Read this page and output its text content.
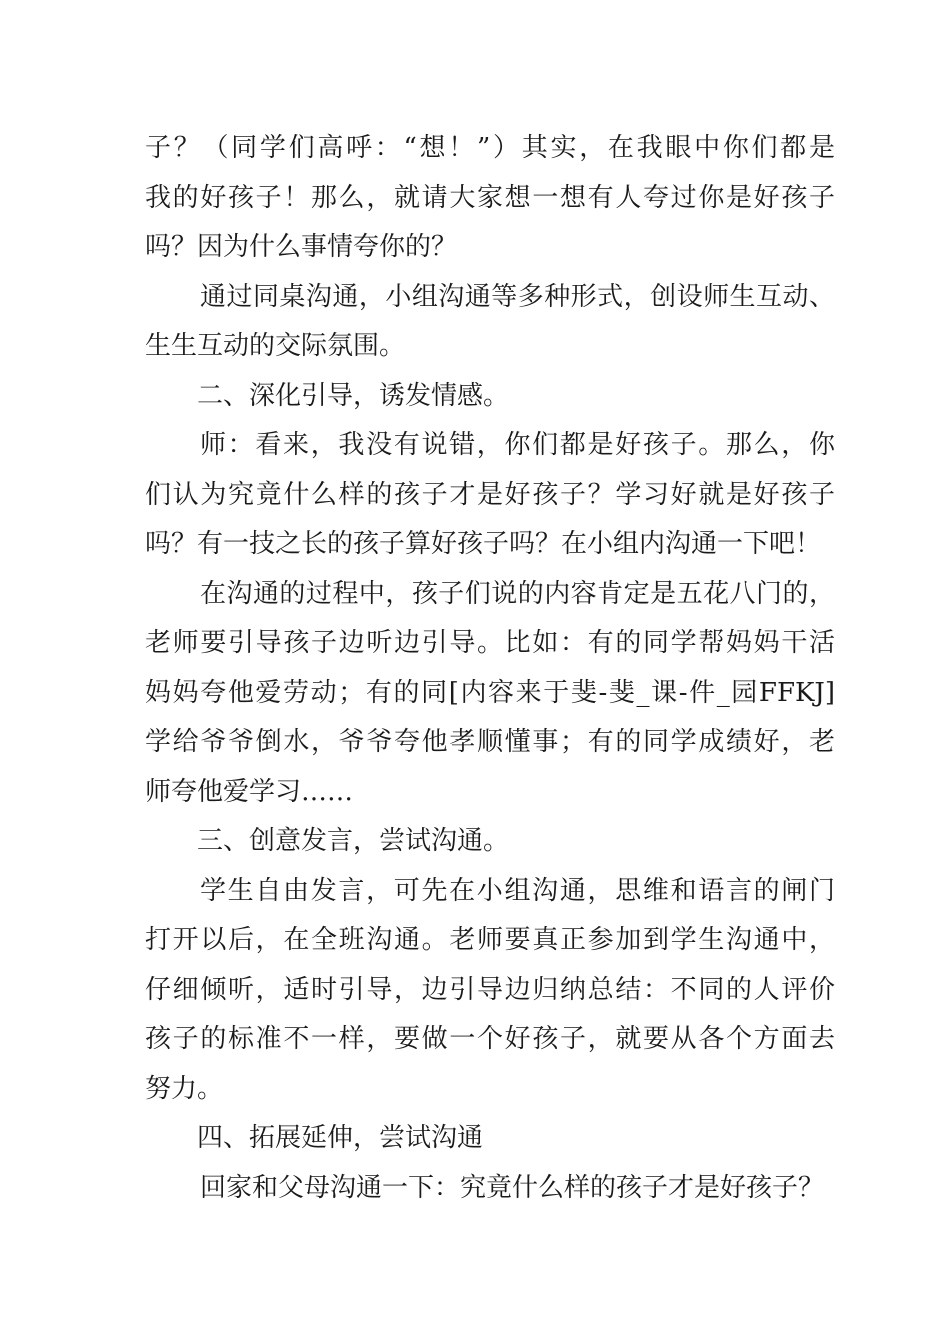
子？（同学们高呼：“想！”）其实，在我眼中你们都是
我的好孩子！那么，就请大家想一想有人夸过你是好孩子
吗？因为什么事情夸你的？
通过同桌沟通，小组沟通等多种形式，创设师生互动、
生生互动的交际氛围。
二、深化引导，诱发情感。
师：看来，我没有说错，你们都是好孩子。那么，你
们认为究竟什么样的孩子才是好孩子？学习好就是好孩子
吗？有一技之长的孩子算好孩子吗？在小组内沟通一下吧！
在沟通的过程中，孩子们说的内容肯定是五花八门的，
老师要引导孩子边听边引导。比如：有的同学帮妈妈干活
妈妈夸他爱劳动；有的同[内容来于斐-斐_课-件_园FFKJ]
学给爷爷倒水，爷爷夸他孝顺懂事；有的同学成绩好，老
师夸他爱学习……
三、创意发言，尝试沟通。
学生自由发言，可先在小组沟通，思维和语言的闸门
打开以后，在全班沟通。老师要真正参加到学生沟通中，
仔细倾听，适时引导，边引导边归纳总结：不同的人评价
孩子的标准不一样，要做一个好孩子，就要从各个方面去
努力。
四、拓展延伸，尝试沟通
回家和父母沟通一下：究竟什么样的孩子才是好孩子？
